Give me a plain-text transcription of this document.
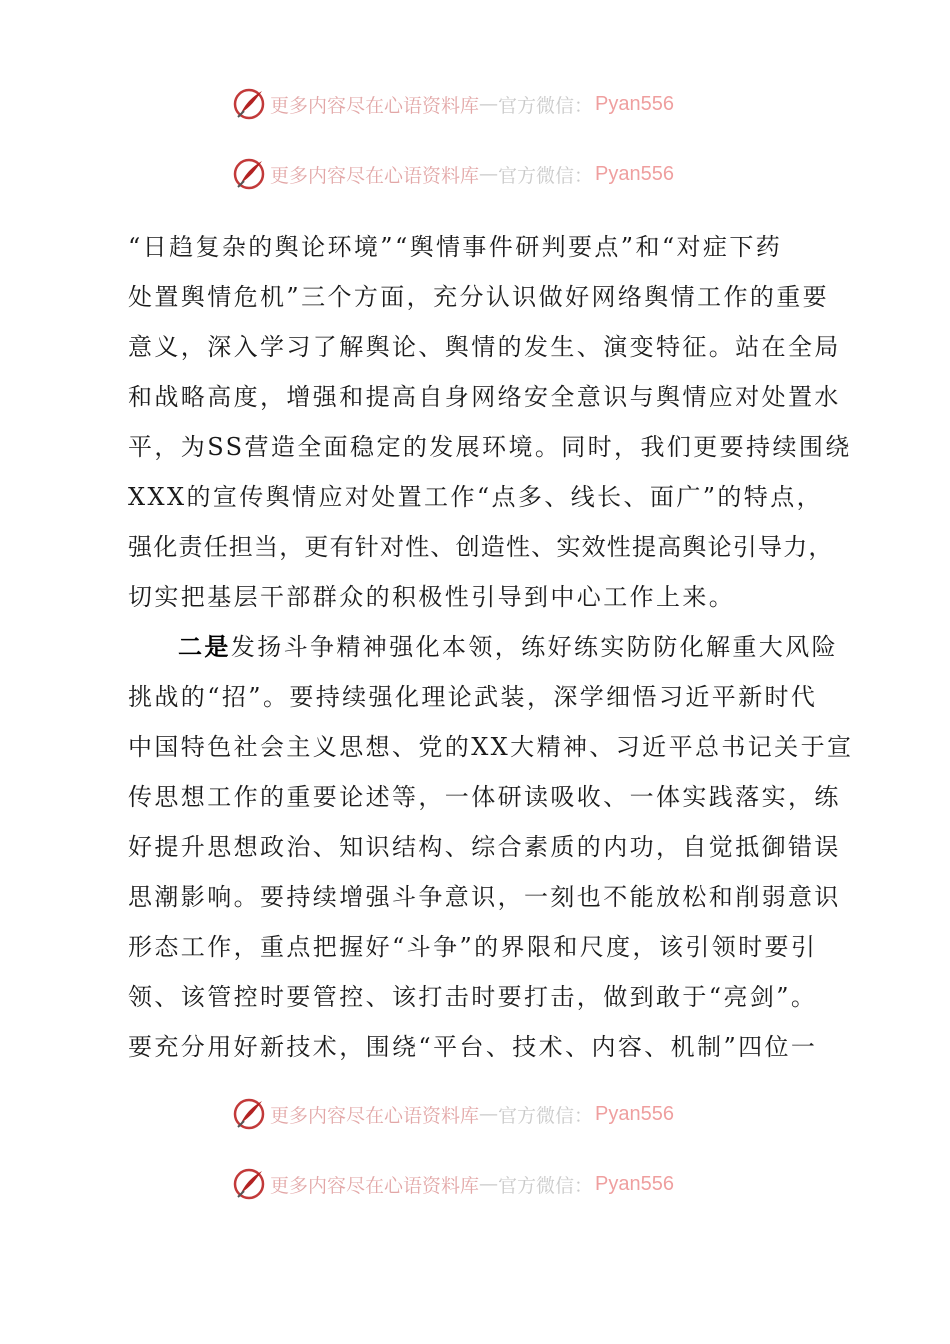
更多内容尽在心语资料库 — 官方微信： Pyan556
更多内容尽在心语资料库 — 官方微信： Pyan556
“日趋复杂的舆论环境”“舆情事件研判要点”和“对症下药
处置舆情危机”三个方面，充分认识做好网络舆情工作的重要
意义，深入学习了解舆论、舆情的发生、演变特征。站在全局
和战略高度，增强和提高自身网络安全意识与舆情应对处置水
平，为SS营造全面稳定的发展环境。同时，我们更要持续围绕
XXX的宣传舆情应对处置工作“点多、线长、面广”的特点，
强化责任担当，更有针对性、创造性、实效性提高舆论引导力，
切实把基层干部群众的积极性引导到中心工作上来。
二是发扬斗争精神强化本领，练好练实防防化解重大风险
挑战的“招”。要持续强化理论武装，深学细悟习近平新时代
中国特色社会主义思想、党的XX大精神、习近平总书记关于宣
传思想工作的重要论述等，一体研读吸收、一体实践落实，练
好提升思想政治、知识结构、综合素质的内功，自觉抵御错误
思潮影响。要持续增强斗争意识，一刻也不能放松和削弱意识
形态工作，重点把握好“斗争”的界限和尺度，该引领时要引
领、该管控时要管控、该打击时要打击，做到敢于“亮剑”。
要充分用好新技术，围绕“平台、技术、内容、机制”四位一
更多内容尽在心语资料库 — 官方微信： Pyan556
更多内容尽在心语资料库 — 官方微信： Pyan556
